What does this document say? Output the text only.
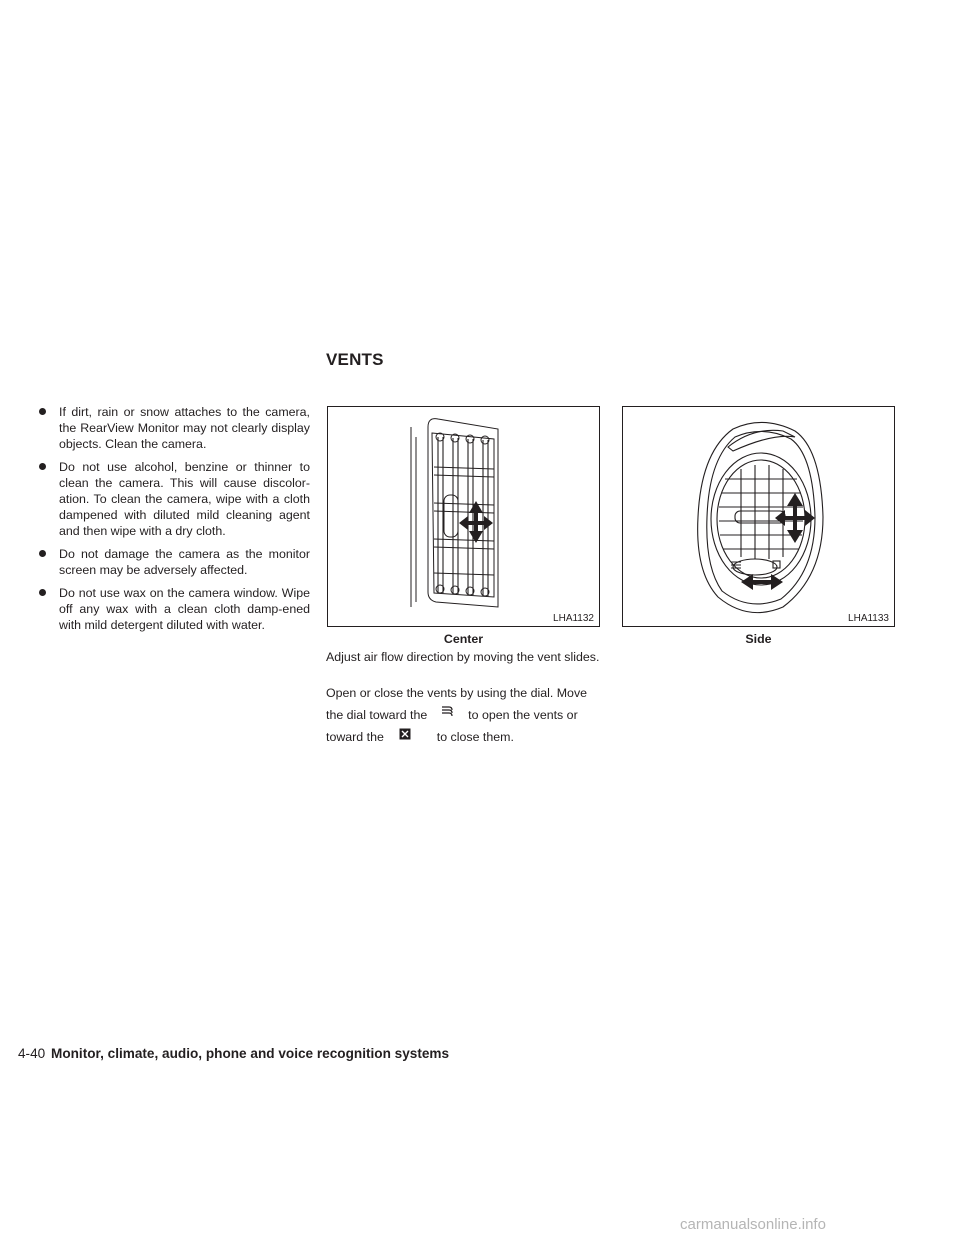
VENTS
If dirt, rain or snow attaches to the camera, the RearView Monitor may not clearly display objects. Clean the camera.
Do not use alcohol, benzine or thinner to clean the camera. This will cause discolor-ation. To clean the camera, wipe with a cloth dampened with diluted mild cleaning agent and then wipe with a dry cloth.
Do not damage the camera as the monitor screen may be adversely affected.
Do not use wax on the camera window. Wipe off any wax with a clean cloth damp-ened with mild detergent diluted with water.	LHA1132
Center
LHA1133
Side

Adjust air flow direction by moving the vent slides.

Open or close the vents by using the dial. Move
the dial toward the	to open the vents or
toward the	to close them.
4-40 Monitor, climate, audio, phone and voice recognition systems
carmanualsonline.info
